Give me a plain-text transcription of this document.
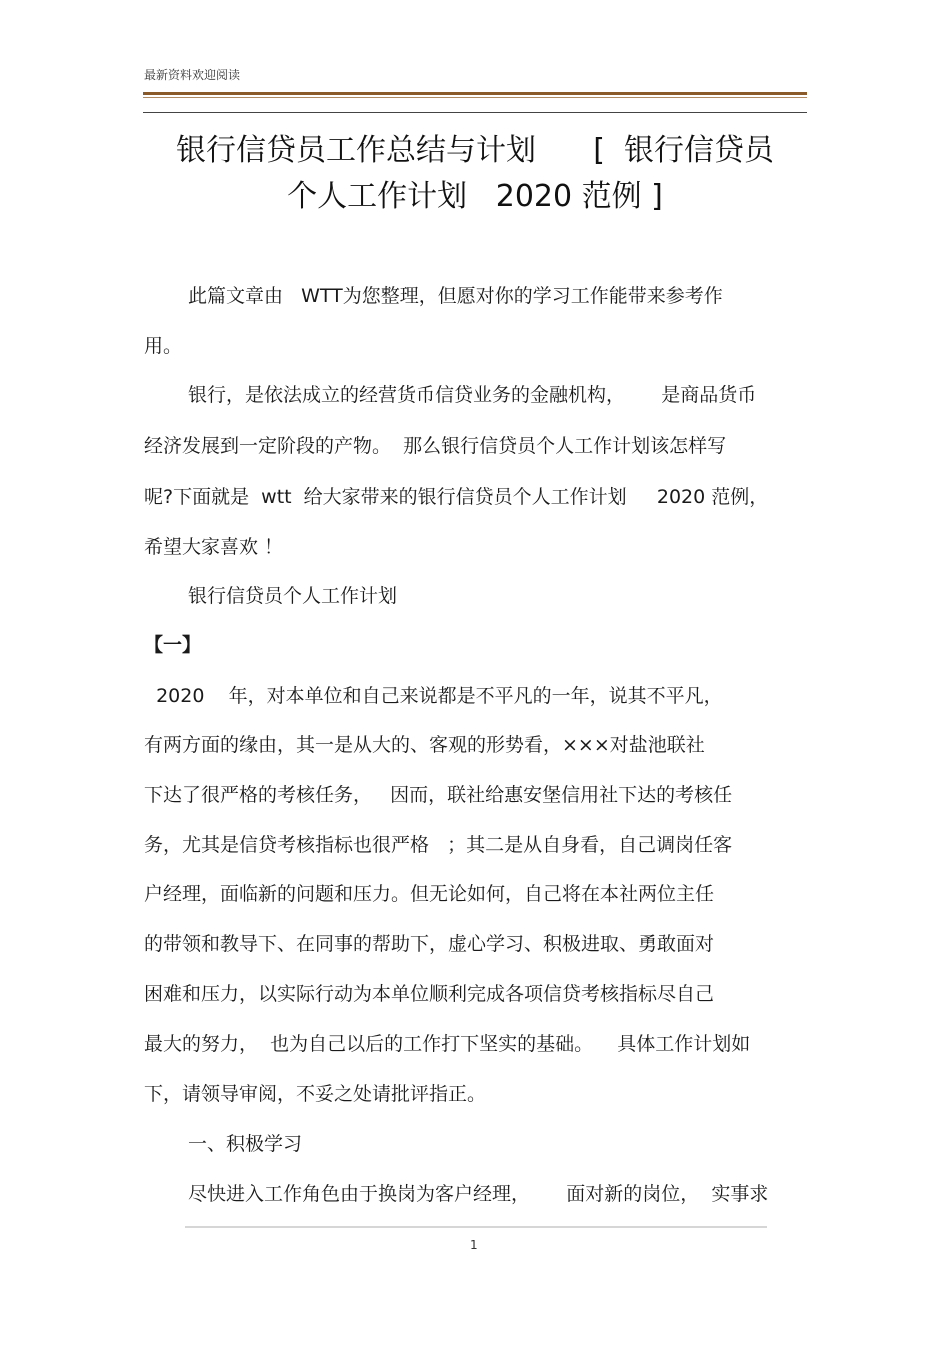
最新资料欢迎阅读
银行信贷员工作总结与计划      [  银行信贷员
个人工作计划   2020 范例 ]
此篇文章由   WTT为您整理，但愿对你的学习工作能带来参考作
用。
银行，是依法成立的经营货币信贷业务的金融机构，      是商品货币
经济发展到一定阶段的产物。  那么银行信贷员个人工作计划该怎样写
呢?下面就是  wtt  给大家带来的银行信贷员个人工作计划     2020 范例，
希望大家喜欢 ！
银行信贷员个人工作计划
【一】
2020    年，对本单位和自己来说都是不平凡的一年，说其不平凡，
有两方面的缘由，其一是从大的、客观的形势看，×××对盐池联社
下达了很严格的考核任务，   因而，联社给惠安堡信用社下达的考核任
务，尤其是信贷考核指标也很严格   ；其二是从自身看，自己调岗任客
户经理，面临新的问题和压力。但无论如何，自己将在本社两位主任
的带领和教导下、在同事的帮助下，虚心学习、积极进取、勇敢面对
困难和压力，以实际行动为本单位顺利完成各项信贷考核指标尽自己
最大的努力，  也为自己以后的工作打下坚实的基础。    具体工作计划如
下，请领导审阅，不妥之处请批评指正。
一、积极学习
尽快进入工作角色由于换岗为客户经理，      面对新的岗位，  实事求
1
